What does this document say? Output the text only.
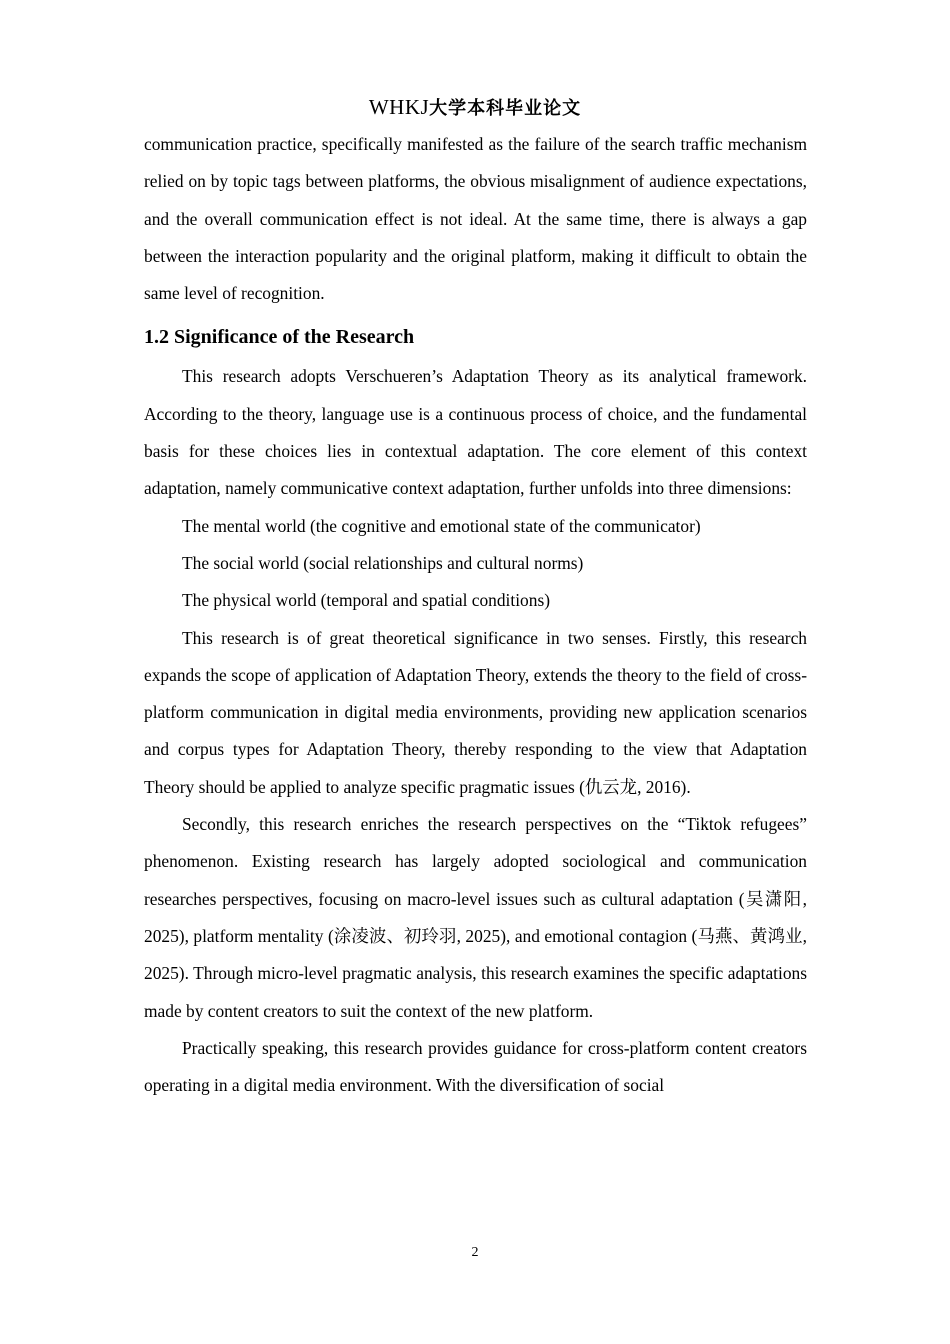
WHKJ大学本科毕业论文

communication practice, specifically manifested as the failure of the search traffic mechanism relied on by topic tags between platforms, the obvious misalignment of audience expectations, and the overall communication effect is not ideal. At the same time, there is always a gap between the interaction popularity and the original platform, making it difficult to obtain the same level of recognition.

1.2 Significance of the Research

This research adopts Verschueren’s Adaptation Theory as its analytical framework. According to the theory, language use is a continuous process of choice, and the fundamental basis for these choices lies in contextual adaptation. The core element of this context adaptation, namely communicative context adaptation, further unfolds into three dimensions:

The mental world (the cognitive and emotional state of the communicator)

The social world (social relationships and cultural norms)

The physical world (temporal and spatial conditions)

This research is of great theoretical significance in two senses. Firstly, this research expands the scope of application of Adaptation Theory, extends the theory to the field of cross-platform communication in digital media environments, providing new application scenarios and corpus types for Adaptation Theory, thereby responding to the view that Adaptation Theory should be applied to analyze specific pragmatic issues (仇云龙, 2016).

Secondly, this research enriches the research perspectives on the “Tiktok refugees” phenomenon. Existing research has largely adopted sociological and communication researches perspectives, focusing on macro-level issues such as cultural adaptation (吴潇阳, 2025), platform mentality (涂凌波、初玲羽, 2025), and emotional contagion (马燕、黄鸿业, 2025). Through micro-level pragmatic analysis, this research examines the specific adaptations made by content creators to suit the context of the new platform.

Practically speaking, this research provides guidance for cross-platform content creators operating in a digital media environment. With the diversification of social

2
